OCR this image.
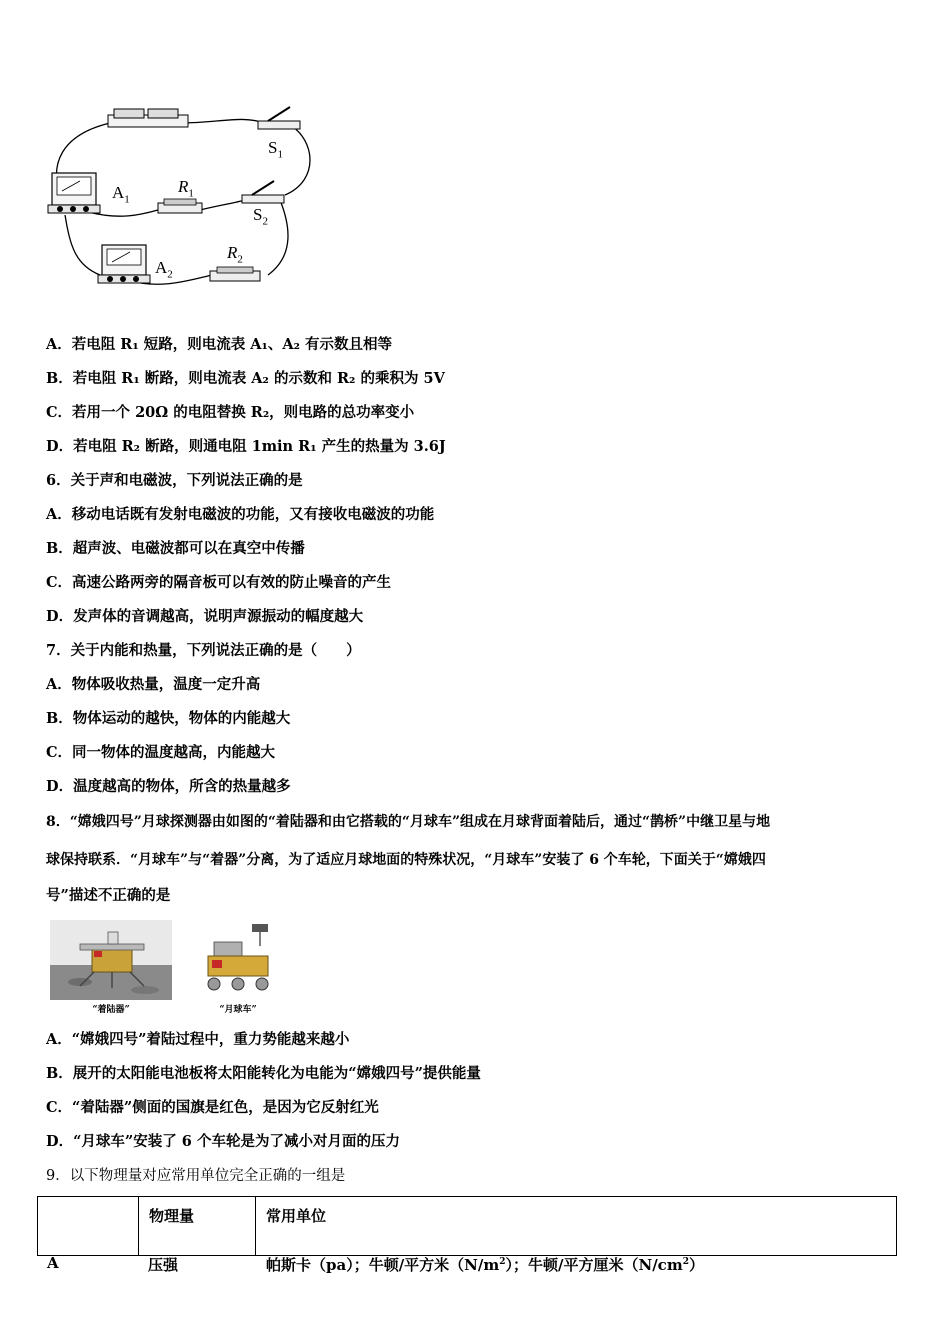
$S_1$
$A_1$
$R_1$
$S_2$
$A_2$
$R_2$
A．若电阻 R₁ 短路，则电流表 A₁、A₂ 有示数且相等
B．若电阻 R₁ 断路，则电流表 A₂ 的示数和 R₂ 的乘积为 5V
C．若用一个 20Ω 的电阻替换 R₂，则电路的总功率变小
D．若电阻 R₂ 断路，则通电阻 1min R₁ 产生的热量为 3.6J
6．关于声和电磁波，下列说法正确的是
A．移动电话既有发射电磁波的功能，又有接收电磁波的功能
B．超声波、电磁波都可以在真空中传播
C．高速公路两旁的隔音板可以有效的防止噪音的产生
D．发声体的音调越高，说明声源振动的幅度越大
7．关于内能和热量，下列说法正确的是（　　）
A．物体吸收热量，温度一定升高
B．物体运动的越快，物体的内能越大
C．同一物体的温度越高，内能越大
D．温度越高的物体，所含的热量越多
8．“嫦娥四号”月球探测器由如图的“着陆器和由它搭载的“月球车”组成在月球背面着陆后，通过“鹊桥”中继卫星与地
球保持联系．“月球车”与“着器”分离，为了适应月球地面的特殊状况，“月球车”安装了 6 个车轮，下面关于“嫦娥四
号”描述不正确的是
“着陆器”	“月球车”
A．“嫦娥四号”着陆过程中，重力势能越来越小
B．展开的太阳能电池板将太阳能转化为电能为“嫦娥四号”提供能量
C．“着陆器”侧面的国旗是红色，是因为它反射红光
D．“月球车”安装了 6 个车轮是为了减小对月面的压力
9．以下物理量对应常用单位完全正确的一组是
	物理量	常用单位
A	压强	帕斯卡（pa）；牛顿/平方米$(N/m^2)$；牛顿/平方厘米$(N/cm^2)$
